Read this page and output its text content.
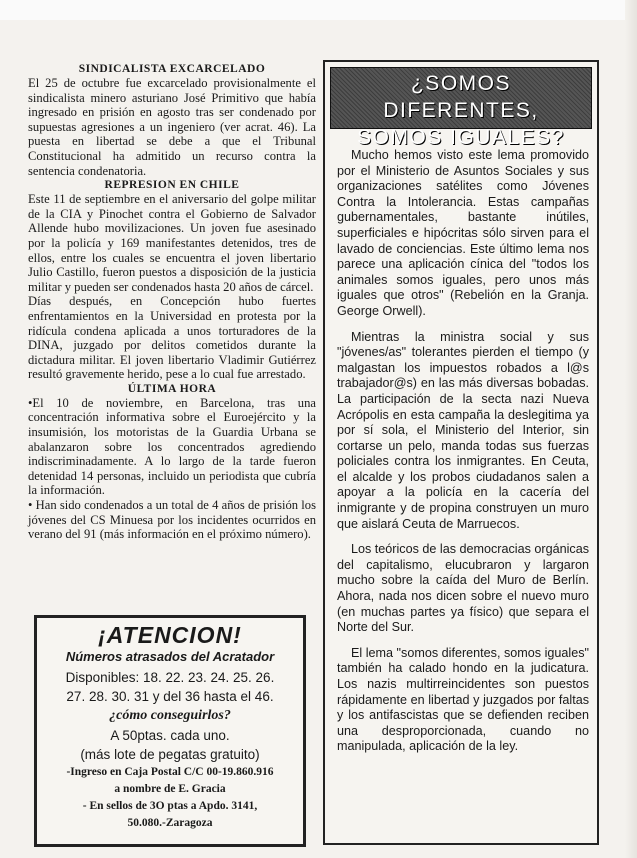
SINDICALISTA EXCARCELADO

El 25 de octubre fue excarcelado provisionalmente el sindicalista minero asturiano José Primitivo que había ingresado en prisión en agosto tras ser condenado por supuestas agresiones a un ingeniero (ver acrat. 46). La puesta en libertad se debe a que el Tribunal Constitucional ha admitido un recurso contra la sentencia condenatoria.

REPRESION EN CHILE

Este 11 de septiembre en el aniversario del golpe militar de la CIA y Pinochet contra el Gobierno de Salvador Allende hubo movilizaciones. Un joven fue asesinado por la policía y 169 manifestantes detenidos, tres de ellos, entre los cuales se encuentra el joven libertario Julio Castillo, fueron puestos a disposición de la justicia militar y pueden ser condenados hasta 20 años de cárcel.

Días después, en Concepción hubo fuertes enfrentamientos en la Universidad en protesta por la ridícula condena aplicada a unos torturadores de la DINA, juzgado por delitos cometidos durante la dictadura militar. El joven libertario Vladimir Gutiérrez resultó gravemente herido, pese a lo cual fue arrestado.

ÚLTIMA HORA

•El 10 de noviembre, en Barcelona, tras una concentración informativa sobre el Euroejército y la insumisión, los motoristas de la Guardia Urbana se abalanzaron sobre los concentrados agrediendo indiscriminadamente. A lo largo de la tarde fueron detenidad 14 personas, incluido un periodista que cubría la información.

• Han sido condenados a un total de 4 años de prisión los jóvenes del CS Minuesa por los incidentes ocurridos en verano del 91 (más información en el próximo número).

¡ATENCION!

Números atrasados del Acratador

Disponibles: 18. 22. 23. 24. 25. 26.

27. 28. 30. 31 y del 36 hasta el 46.

¿cómo conseguirlos?

A 50ptas. cada uno.

(más lote de pegatas gratuito)

-Ingreso en Caja Postal C/C 00-19.860.916

a nombre de E. Gracia

- En sellos de 3O ptas a Apdo. 3141,

50.080.-Zaragoza

¿SOMOS DIFERENTES,
SOMOS IGUALES?

Mucho hemos visto este lema promovido por el Ministerio de Asuntos Sociales y sus organizaciones satélites como Jóvenes Contra la Intolerancia. Estas campañas gubernamentales, bastante inútiles, superficiales e hipócritas sólo sirven para el lavado de conciencias. Este último lema nos parece una aplicación cínica del "todos los animales somos iguales, pero unos más iguales que otros" (Rebelión en la Granja. George Orwell).

Mientras la ministra social y sus "jóvenes/as" tolerantes pierden el tiempo (y malgastan los impuestos robados a l@s trabajador@s) en las más diversas bobadas. La participación de la secta nazi Nueva Acrópolis en esta campaña la deslegitima ya por sí sola, el Ministerio del Interior, sin cortarse un pelo, manda todas sus fuerzas policiales contra los inmigrantes. En Ceuta, el alcalde y los probos ciudadanos salen a apoyar a la policía en la cacería del inmigrante y de propina construyen un muro que aislará Ceuta de Marruecos.

Los teóricos de las democracias orgánicas del capitalismo, elucubraron y largaron mucho sobre la caída del Muro de Berlín. Ahora, nada nos dicen sobre el nuevo muro (en muchas partes ya físico) que separa el Norte del Sur.

El lema "somos diferentes, somos iguales" también ha calado hondo en la judicatura. Los nazis multirreincidentes son puestos rápidamente en libertad y juzgados por faltas y los antifascistas que se defienden reciben una desproporcionada, cuando no manipulada, aplicación de la ley.
